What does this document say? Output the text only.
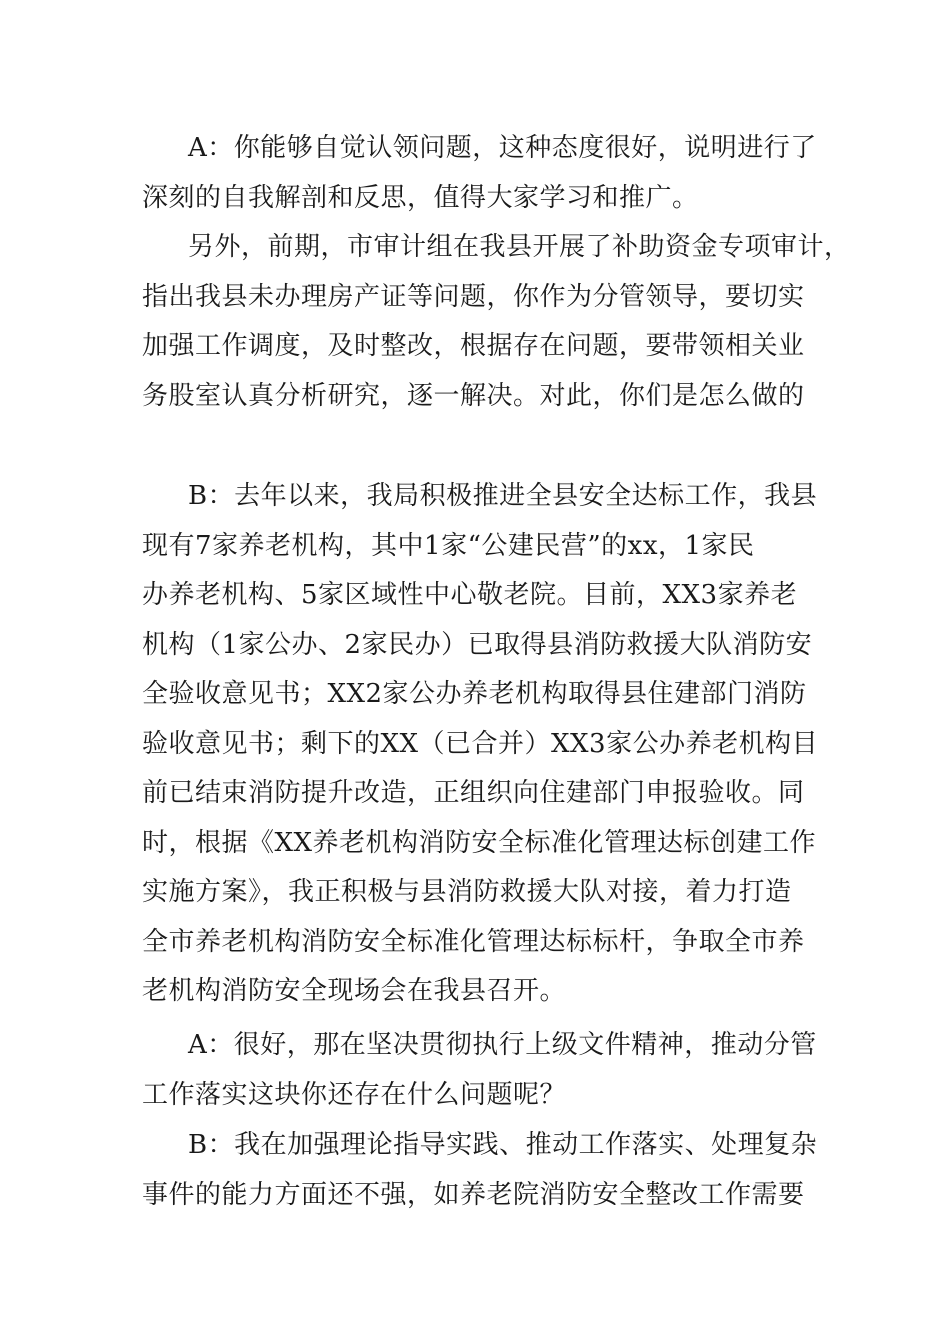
A：你能够自觉认领问题，这种态度很好，说明进行了
深刻的自我解剖和反思，值得大家学习和推广。
另外，前期，市审计组在我县开展了补助资金专项审计，
指出我县未办理房产证等问题，你作为分管领导，要切实
加强工作调度，及时整改，根据存在问题，要带领相关业
务股室认真分析研究，逐一解决。对此，你们是怎么做的
B：去年以来，我局积极推进全县安全达标工作，我县
现有7家养老机构，其中1家“公建民营”的xx，1家民
办养老机构、5家区域性中心敬老院。目前，XX3家养老
机构（1家公办、2家民办）已取得县消防救援大队消防安
全验收意见书；XX2家公办养老机构取得县住建部门消防
验收意见书；剩下的XX（已合并）XX3家公办养老机构目
前已结束消防提升改造，正组织向住建部门申报验收。同
时，根据《XX养老机构消防安全标准化管理达标创建工作
实施方案》，我正积极与县消防救援大队对接，着力打造
全市养老机构消防安全标准化管理达标标杆，争取全市养
老机构消防安全现场会在我县召开。
A：很好，那在坚决贯彻执行上级文件精神，推动分管
工作落实这块你还存在什么问题呢？
B：我在加强理论指导实践、推动工作落实、处理复杂
事件的能力方面还不强，如养老院消防安全整改工作需要
